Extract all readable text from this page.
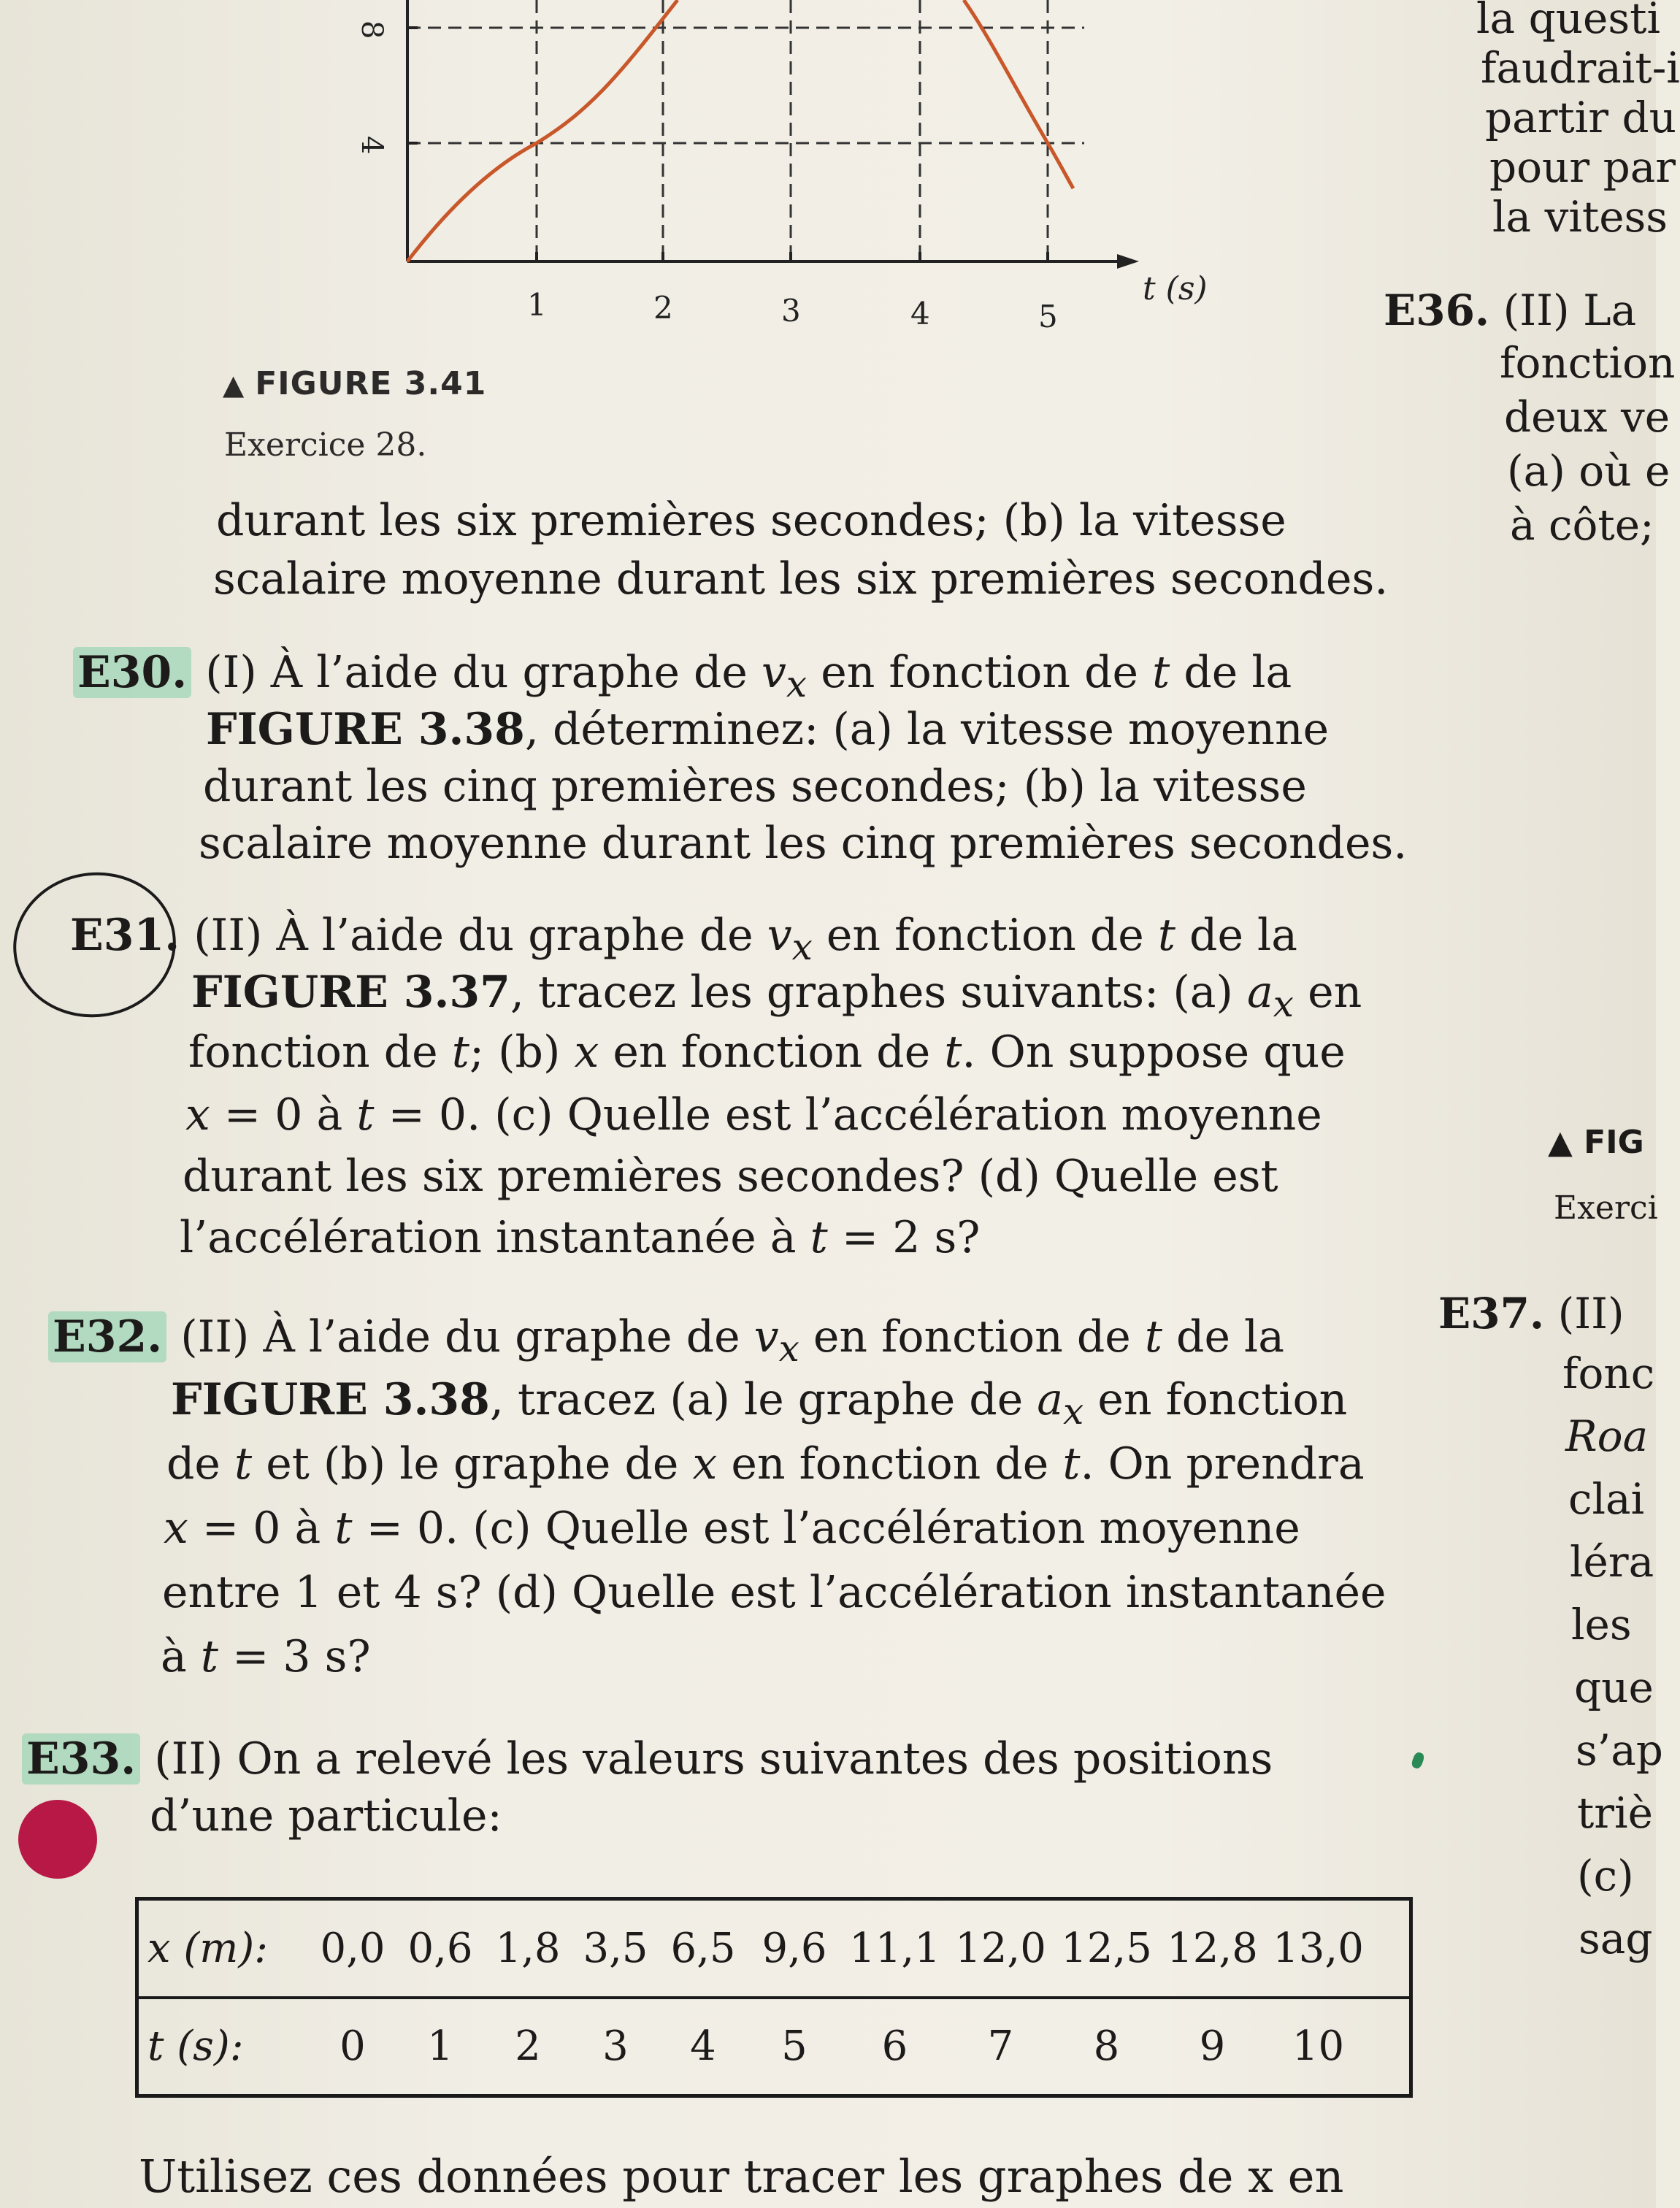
8
4
1	2	3	4	5
t (s)
▲ FIGURE 3.41
Exercice 28.
durant les six premières secondes; (b) la vitesse
scalaire moyenne durant les six premières secondes.
E30. (I) À l’aide du graphe de $v_x$ en fonction de t de la
FIGURE 3.38, déterminez: (a) la vitesse moyenne
durant les cinq premières secondes; (b) la vitesse
scalaire moyenne durant les cinq premières secondes.
E31. (II) À l’aide du graphe de $v_x$ en fonction de t de la
FIGURE 3.37, tracez les graphes suivants: (a) $a_x$ en
fonction de t; (b) x en fonction de t. On suppose que
x = 0 à t = 0. (c) Quelle est l’accélération moyenne
durant les six premières secondes? (d) Quelle est
l’accélération instantanée à t = 2 s?
E32. (II) À l’aide du graphe de $v_x$ en fonction de t de la
FIGURE 3.38, tracez (a) le graphe de $a_x$ en fonction
de t et (b) le graphe de x en fonction de t. On prendra
x = 0 à t = 0. (c) Quelle est l’accélération moyenne
entre 1 et 4 s? (d) Quelle est l’accélération instantanée
à t = 3 s?
E33. (II) On a relevé les valeurs suivantes des positions
d’une particule:
x (m):	0,0 0,6 1,8 3,5 6,5 9,6 11,1 12,0 12,5 12,8 13,0

t (s):	0	1	2	3	4	5	6	7	8	9	10
Utilisez ces données pour tracer les graphes de x en
la questi
faudrait-i
partir du
pour par
la vitess
E36. (II) La
fonction
deux ve
(a) où e
à côte;
▲ FIG
Exerci
E37. (II)
fonc
Roa
clai
léra
les
que
s’ap
triè
(c)
sag
